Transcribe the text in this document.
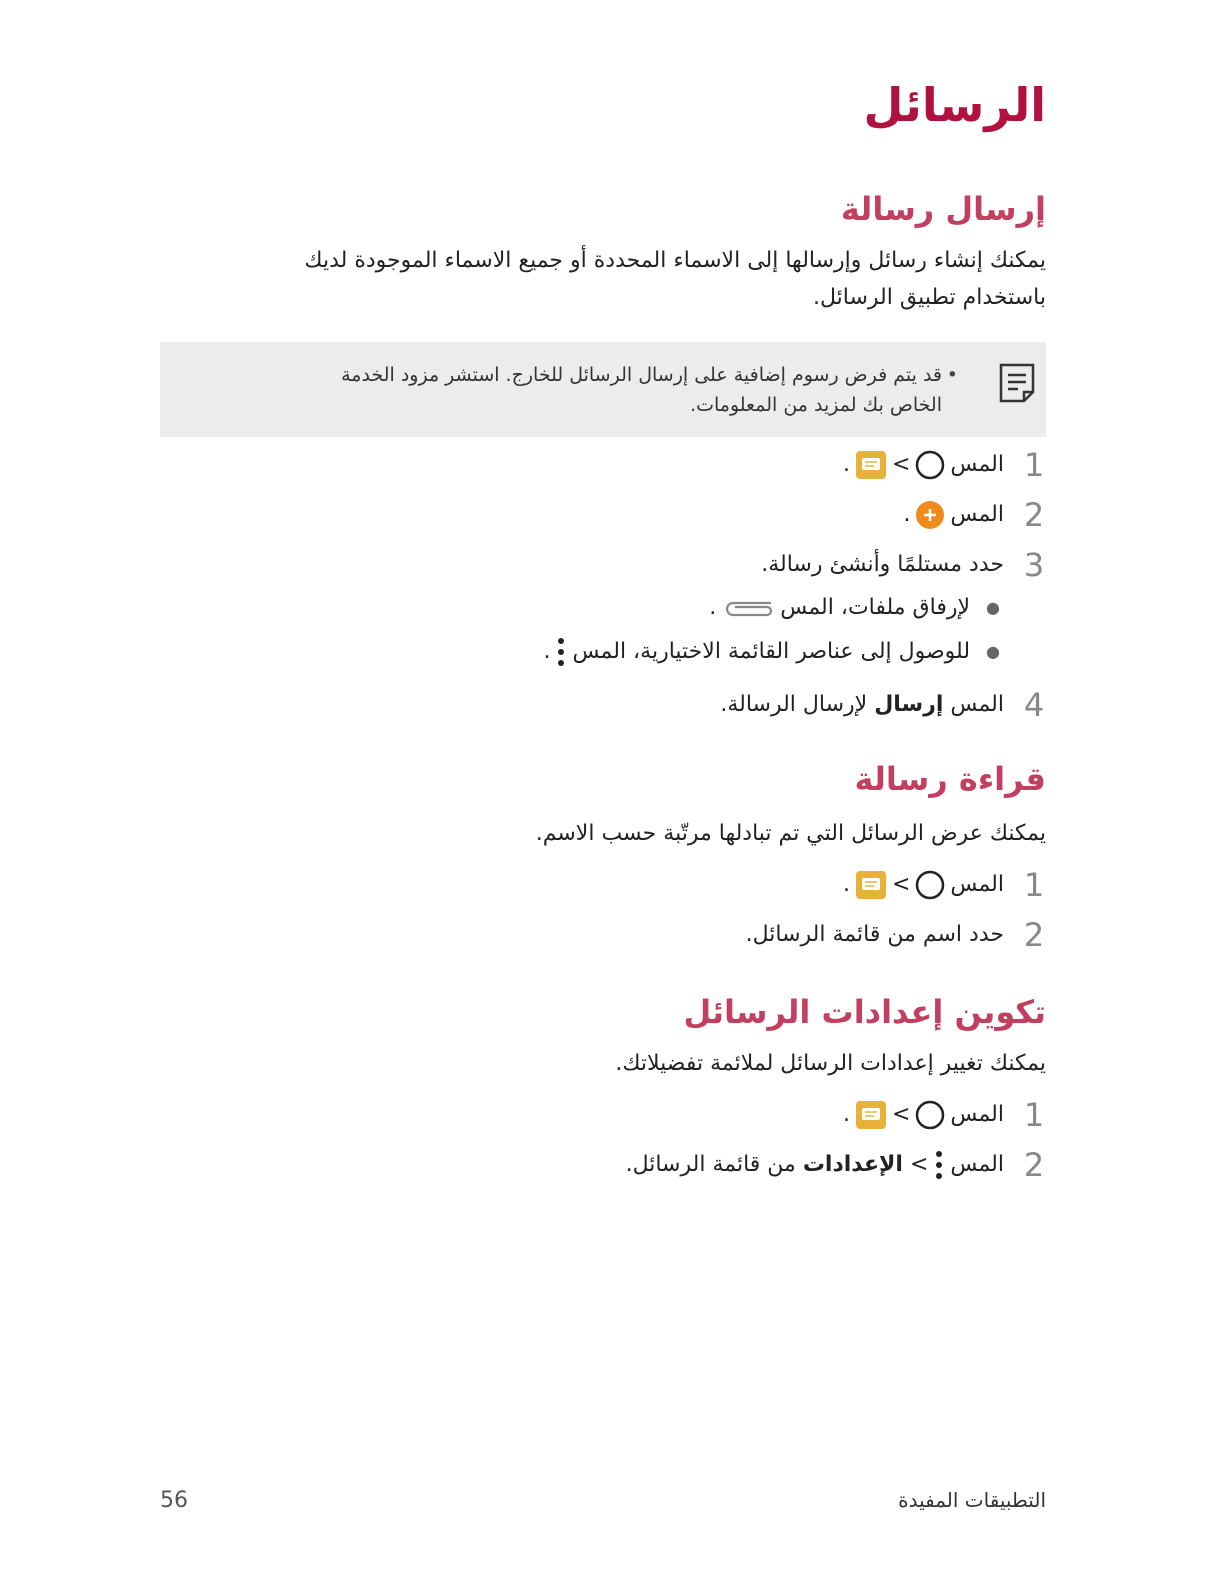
الرسائل
إرسال رسالة

يمكنك إنشاء رسائل وإرسالها إلى الاسماء المحددة أو جميع الاسماء الموجودة لديك

باستخدام تطبيق الرسائل.

•
قد يتم فرض رسوم إضافية على إرسال الرسائل للخارج. استشر مزود الخدمة
الخاص بك لمزيد من المعلومات.
1
المس
>
.
2
المس
.
3
حدد مستلمًا وأنشئ رسالة.
●
لإرفاق ملفات، المس
.
●
للوصول إلى عناصر القائمة الاختيارية، المس
.
4
المس

إرسال

لإرسال الرسالة.
قراءة رسالة

يمكنك عرض الرسائل التي تم تبادلها مرتّبة حسب الاسم.

1
المس
>
.
2
حدد اسم من قائمة الرسائل.
تكوين إعدادات الرسائل

يمكنك تغيير إعدادات الرسائل لملائمة تفضيلاتك.

1
المس
>
.
2
المس
>

الإعدادات

من قائمة الرسائل.
56	التطبيقات المفيدة
